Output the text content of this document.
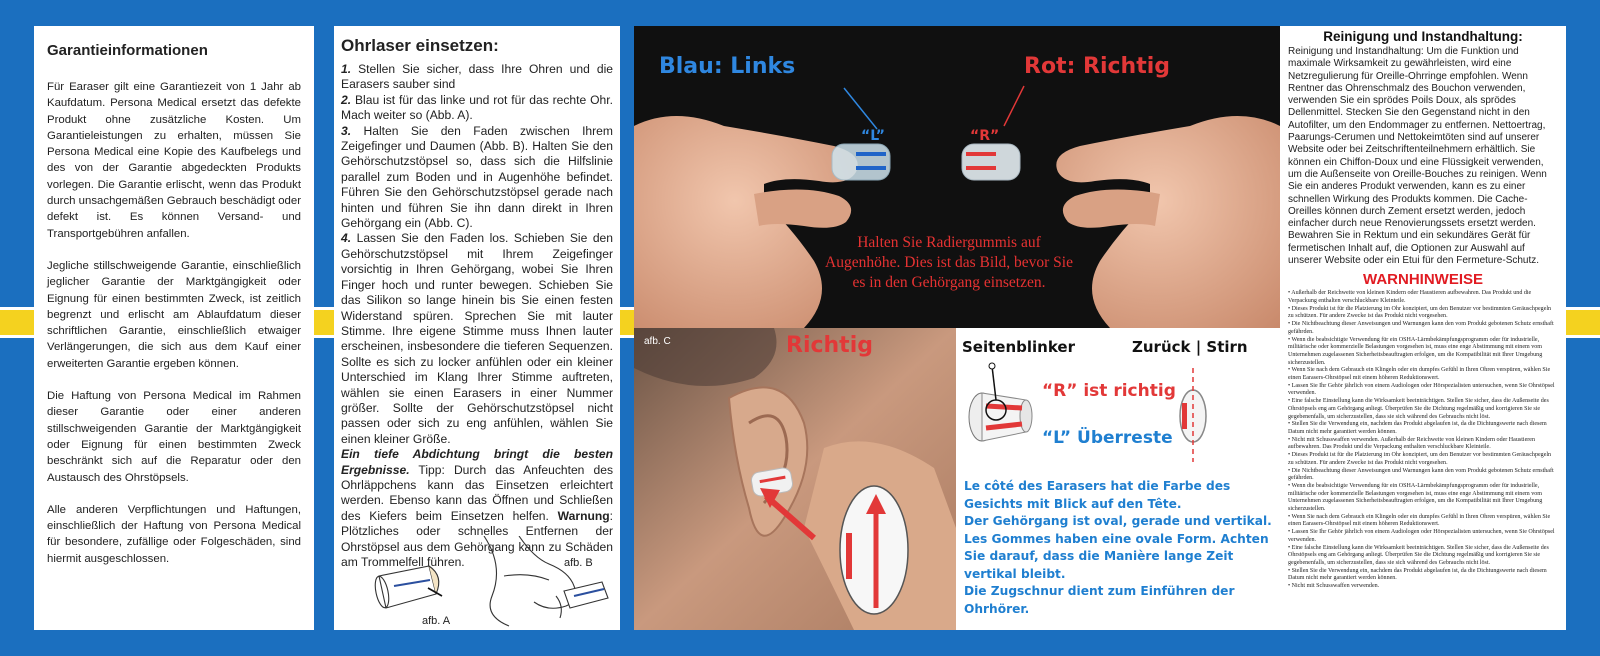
Garantieinformationen

Für Earaser gilt eine Garantiezeit von 1 Jahr ab Kaufdatum. Persona Medical ersetzt das defekte Produkt ohne zusätzliche Kosten. Um Garantieleistungen zu erhalten, müssen Sie Persona Medical eine Kopie des Kaufbelegs und des von der Garantie abgedeckten Produkts vorlegen. Die Garantie erlischt, wenn das Produkt durch unsachgemäßen Gebrauch beschädigt oder defekt ist. Es können Versand- und Transportgebühren anfallen.

Jegliche stillschweigende Garantie, einschließlich jeglicher Garantie der Marktgängigkeit oder Eignung für einen bestimmten Zweck, ist zeitlich begrenzt und erlischt am Ablaufdatum dieser schriftlichen Garantie, einschließlich etwaiger Verlängerungen, die sich aus dem Kauf einer erweiterten Garantie ergeben können.

Die Haftung von Persona Medical im Rahmen dieser Garantie oder einer anderen stillschweigenden Garantie der Marktgängigkeit oder Eignung für einen bestimmten Zweck beschränkt sich auf die Reparatur oder den Austausch des Ohrstöpsels.

Alle anderen Verpflichtungen und Haftungen, einschließlich der Haftung von Persona Medical für besondere, zufällige oder Folgeschäden, sind hiermit ausgeschlossen.

Ohrlaser einsetzen:
1. Stellen Sie sicher, dass Ihre Ohren und die Earasers sauber sind
2. Blau ist für das linke und rot für das rechte Ohr. Mach weiter so (Abb. A).
3. Halten Sie den Faden zwischen Ihrem Zeigefinger und Daumen (Abb. B). Halten Sie den Gehörschutzstöpsel so, dass sich die Hilfslinie parallel zum Boden und in Augenhöhe befindet. Führen Sie den Gehörschutzstöpsel gerade nach hinten und führen Sie ihn dann direkt in Ihren Gehörgang ein (Abb. C).
4. Lassen Sie den Faden los. Schieben Sie den Gehörschutzstöpsel mit Ihrem Zeigefinger vorsichtig in Ihren Gehörgang, wobei Sie Ihren Finger hoch und runter bewegen. Schieben Sie das Silikon so lange hinein bis Sie einen festen Widerstand spüren. Sprechen Sie mit lauter Stimme. Ihre eigene Stimme muss Ihnen lauter erscheinen, insbesondere die tieferen Sequenzen. Sollte es sich zu locker anfühlen oder ein kleiner Unterschied im Klang Ihrer Stimme auftreten, wählen sie einen Earasers in einer Nummer größer. Sollte der Gehörschutzstöpsel nicht passen oder sich zu eng anfühlen, wählen Sie einen kleiner Größe.
Ein tiefe Abdichtung bringt die besten Ergebnisse. Tipp: Durch das Anfeuchten des Ohrläppchens kann das Einsetzen erleichtert werden. Ebenso kann das Öffnen und Schließen des Kiefers beim Einsetzen helfen. Warnung: Plötzliches oder schnelles Entfernen der Ohrstöpsel aus dem Gehörgang kann zu Schäden am Trommelfell führen.
afb. A
afb. B
Blau: Links	Rot: Richtig
“L”	“R”
Halten Sie Radiergummis auf Augenhöhe. Dies ist das Bild, bevor Sie es in den Gehörgang einsetzen.
afb. C	Richtig	Seitenblinker	Zurück | Stirn
“R” ist richtig
“L” Überreste
Le côté des Earasers hat die Farbe des Gesichts mit Blick auf den Tête.
Der Gehörgang ist oval, gerade und vertikal.
Les Gommes haben eine ovale Form. Achten Sie darauf, dass die Manière lange Zeit vertikal bleibt.
Die Zugschnur dient zum Einführen der Ohrhörer.
Reinigung und Instandhaltung:
Reinigung und Instandhaltung: Um die Funktion und maximale Wirksamkeit zu gewährleisten, wird eine Netzregulierung für Oreille-Ohrringe empfohlen. Wenn Rentner das Ohrenschmalz des Bouchon verwenden, verwenden Sie ein sprödes Poils Doux, als sprödes Dellenmittel. Stecken Sie den Gegenstand nicht in den Autofilter, um den Endommager zu entfernen. Nettoertrag, Paarungs-Cerumen und Nettokeimtöten sind auf unserer Website oder bei Zeitschriftenteilnehmern erhältlich. Sie können ein Chiffon-Doux und eine Flüssigkeit verwenden, um die Außenseite von Oreille-Bouches zu reinigen. Wenn Sie ein anderes Produkt verwenden, kann es zu einer schnellen Wirkung des Produkts kommen. Die Cache-Oreilles können durch Zement ersetzt werden, jedoch einfacher durch neue Renovierungssets ersetzt werden. Bewahren Sie in Rektum und ein sekundäres Gerät für fermetischen Inhalt auf, die Optionen zur Auswahl auf unserer Website oder ein Etui für den Fermeture-Schutz.
WARNHINWEISE
• Außerhalb der Reichweite von kleinen Kindern oder Haustieren aufbewahren. Das Produkt und die Verpackung enthalten verschluckbare Kleinteile.
• Dieses Produkt ist für die Platzierung im Ohr konzipiert, um den Benutzer vor bestimmten Geräuschpegeln zu schützen. Für andere Zwecke ist das Produkt nicht vorgesehen.
• Die Nichtbeachtung dieser Anweisungen und Warnungen kann den vom Produkt gebotenen Schutz ernsthaft gefährden.
• Wenn die beabsichtigte Verwendung für ein OSHA-Lärmbekämpfungsprogramm oder für industrielle, militärische oder kommerzielle Belastungen vorgesehen ist, muss eine enge Abstimmung mit einem vom Unternehmen zugelassenen Sicherheitsbeauftragten erfolgen, um die Kompatibilität mit Ihrer Umgebung sicherzustellen.
• Wenn Sie nach dem Gebrauch ein Klingeln oder ein dumpfes Gefühl in Ihren Ohren verspüren, wählen Sie einen Earasers-Ohrstöpsel mit einem höheren Reduktionswert.
• Lassen Sie Ihr Gehör jährlich von einem Audiologen oder Hörspezialisten untersuchen, wenn Sie Ohrstöpsel verwenden.
• Eine falsche Einstellung kann die Wirksamkeit beeinträchtigen. Stellen Sie sicher, dass die Außenseite des Ohrstöpsels eng am Gehörgang anliegt. Überprüfen Sie die Dichtung regelmäßig und korrigieren Sie sie gegebenenfalls, um sicherzustellen, dass sie sich während des Gebrauchs nicht löst.
• Stellen Sie die Verwendung ein, nachdem das Produkt abgelaufen ist, da die Dichtungswerte nach diesem Datum nicht mehr garantiert werden können.
• Nicht mit Schusswaffen verwenden. Außerhalb der Reichweite von kleinen Kindern oder Haustieren aufbewahren. Das Produkt und die Verpackung enthalten verschluckbare Kleinteile.
• Dieses Produkt ist für die Platzierung im Ohr konzipiert, um den Benutzer vor bestimmten Geräuschpegeln zu schützen. Für andere Zwecke ist das Produkt nicht vorgesehen.
• Die Nichtbeachtung dieser Anweisungen und Warnungen kann den vom Produkt gebotenen Schutz ernsthaft gefährden.
• Wenn die beabsichtigte Verwendung für ein OSHA-Lärmbekämpfungsprogramm oder für industrielle, militärische oder kommerzielle Belastungen vorgesehen ist, muss eine enge Abstimmung mit einem vom Unternehmen zugelassenen Sicherheitsbeauftragten erfolgen, um die Kompatibilität mit Ihrer Umgebung sicherzustellen.
• Wenn Sie nach dem Gebrauch ein Klingeln oder ein dumpfes Gefühl in Ihren Ohren verspüren, wählen Sie einen Earasers-Ohrstöpsel mit einem höheren Reduktionswert.
• Lassen Sie Ihr Gehör jährlich von einem Audiologen oder Hörspezialisten untersuchen, wenn Sie Ohrstöpsel verwenden.
• Eine falsche Einstellung kann die Wirksamkeit beeinträchtigen. Stellen Sie sicher, dass die Außenseite des Ohrstöpsels eng am Gehörgang anliegt. Überprüfen Sie die Dichtung regelmäßig und korrigieren Sie sie gegebenenfalls, um sicherzustellen, dass sie sich während des Gebrauchs nicht löst.
• Stellen Sie die Verwendung ein, nachdem das Produkt abgelaufen ist, da die Dichtungswerte nach diesem Datum nicht mehr garantiert werden können.
• Nicht mit Schusswaffen verwenden.
